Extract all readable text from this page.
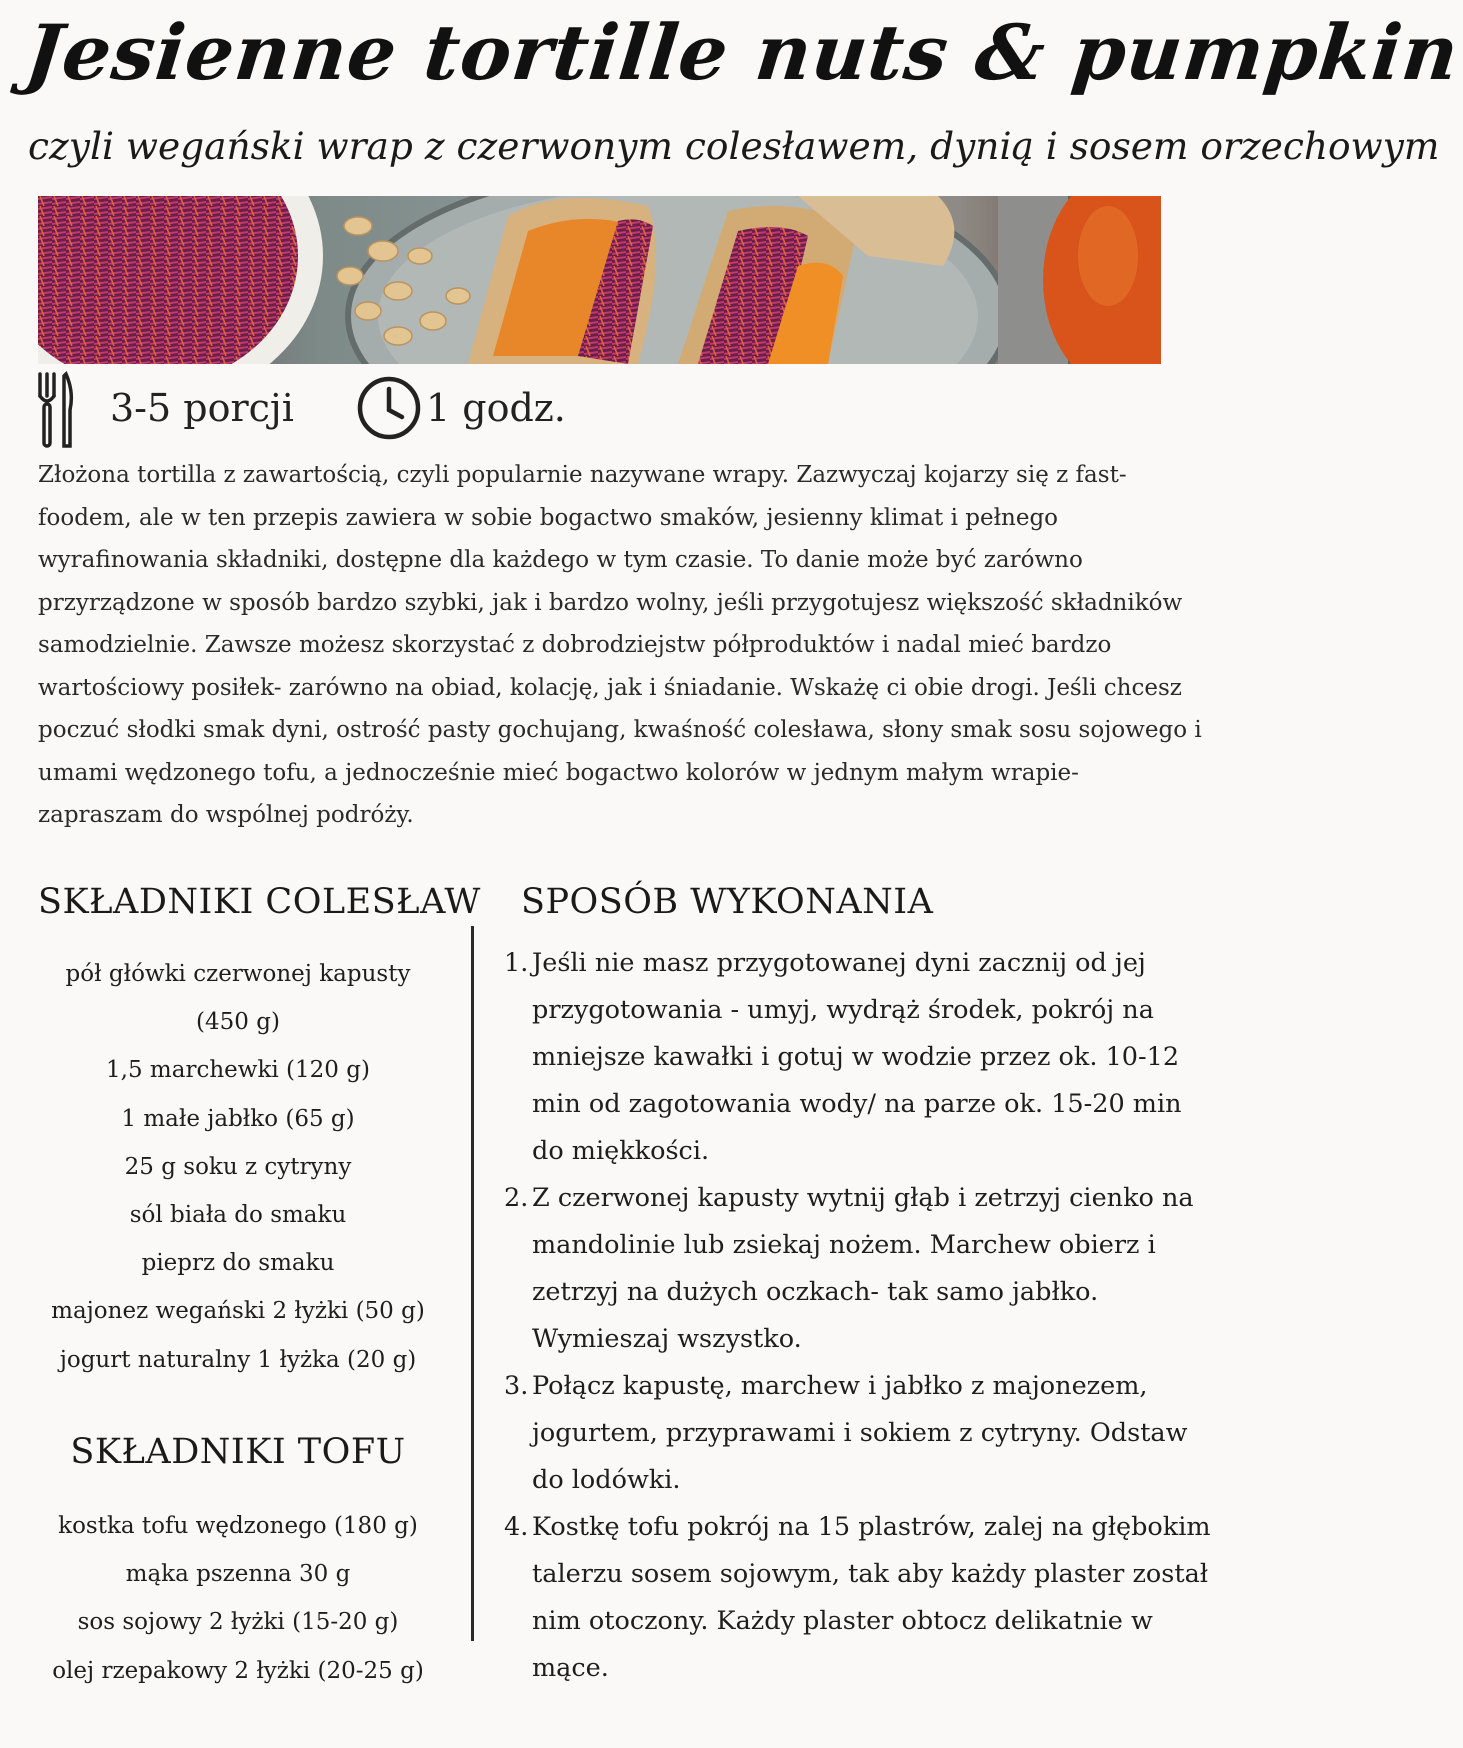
Jesienne tortille nuts & pumpkin

czyli wegański wrap z czerwonym colesławem, dynią i sosem orzechowym

3-5 porcji	1 godz.

Złożona tortilla z zawartością, czyli popularnie nazywane wrapy. Zazwyczaj kojarzy się z fast-foodem, ale w ten przepis zawiera w sobie bogactwo smaków, jesienny klimat i pełnego wyrafinowania składniki, dostępne dla każdego w tym czasie. To danie może być zarówno przyrządzone w sposób bardzo szybki, jak i bardzo wolny, jeśli przygotujesz większość składników samodzielnie. Zawsze możesz skorzystać z dobrodziejstw półproduktów i nadal mieć bardzo wartościowy posiłek- zarówno na obiad, kolację, jak i śniadanie. Wskażę ci obie drogi. Jeśli chcesz poczuć słodki smak dyni, ostrość pasty gochujang, kwaśność colesława, słony smak sosu sojowego i umami wędzonego tofu, a jednocześnie mieć bogactwo kolorów w jednym małym wrapie- zapraszam do wspólnej podróży.

SKŁADNIKI COLESŁAW
pół główki czerwonej kapusty
(450 g)
1,5 marchewki (120 g)
1 małe jabłko (65 g)
25 g soku z cytryny
sól biała do smaku
pieprz do smaku
majonez wegański 2 łyżki (50 g)
jogurt naturalny 1 łyżka (20 g)
SKŁADNIKI TOFU
kostka tofu wędzonego (180 g)
mąka pszenna 30 g
sos sojowy 2 łyżki (15-20 g)
olej rzepakowy 2 łyżki (20-25 g)
SPOSÓB WYKONANIA
1. Jeśli nie masz przygotowanej dyni zacznij od jej przygotowania - umyj, wydrąż środek, pokrój na mniejsze kawałki i gotuj w wodzie przez ok. 10-12 min od zagotowania wody/ na parze ok. 15-20 min do miękkości.
2. Z czerwonej kapusty wytnij głąb i zetrzyj cienko na mandolinie lub zsiekaj nożem. Marchew obierz i zetrzyj na dużych oczkach- tak samo jabłko. Wymieszaj wszystko.
3. Połącz kapustę, marchew i jabłko z majonezem, jogurtem, przyprawami i sokiem z cytryny. Odstaw do lodówki.
4. Kostkę tofu pokrój na 15 plastrów, zalej na głębokim talerzu sosem sojowym, tak aby każdy plaster został nim otoczony. Każdy plaster obtocz delikatnie w mące.
